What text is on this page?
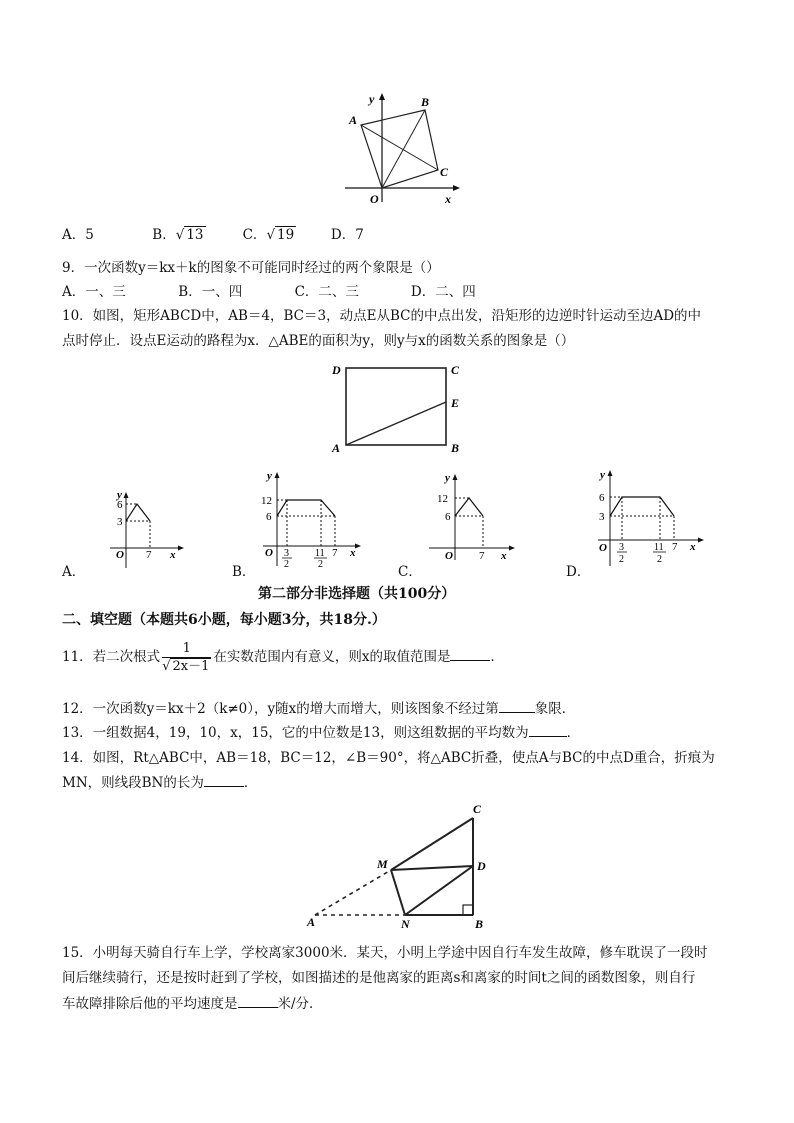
y	B
A
C
O	x
A．5	B．√ 13	C．√ 19	D．7
9．一次函数y＝kx＋k的图象不可能同时经过的两个象限是（）
A．一、三	B．一、四	C．二、三	D．二、四
10．如图，矩形ABCD中，AB＝4，BC＝3，动点E从BC的中点出发，沿矩形的边逆时针运动至边AD的中
点时停止．设点E运动的路程为x．△ABE的面积为y，则y与x的函数关系的图象是（）
D	C
E
A	B
A．
y
6
3
O 7 x
B．
y
12
6
O 3
2
11
2
7 x
C．
y
12
6
O 7 x
D．
y
6
3
O 3
2
11
2
7 x
第二部分非选择题（共100分）
二、填空题（本题共6小题，每小题3分，共18分.）
11．若二次根式 $\frac{1}{√ 2x-1}$ 在实数范围内有意义，则x的取值范围是	．
12．一次函数y＝kx＋2（k≠0），y随x的增大而增大，则该图象不经过第	象限．
13．一组数据4，19，10，x，15，它的中位数是13，则这组数据的平均数为	．
14．如图，Rt△ABC中，AB＝18，BC＝12，∠B＝90°，将△ABC折叠，使点A与BC的中点D重合，折痕为
MN，则线段BN的长为	．
C
M	D
A	N	B
15．小明每天骑自行车上学，学校离家3000米．某天，小明上学途中因自行车发生故障，修车耽误了一段时
间后继续骑行，还是按时赶到了学校，如图描述的是他离家的距离s和离家的时间t之间的函数图象，则自行
车故障排除后他的平均速度是	米/分．
